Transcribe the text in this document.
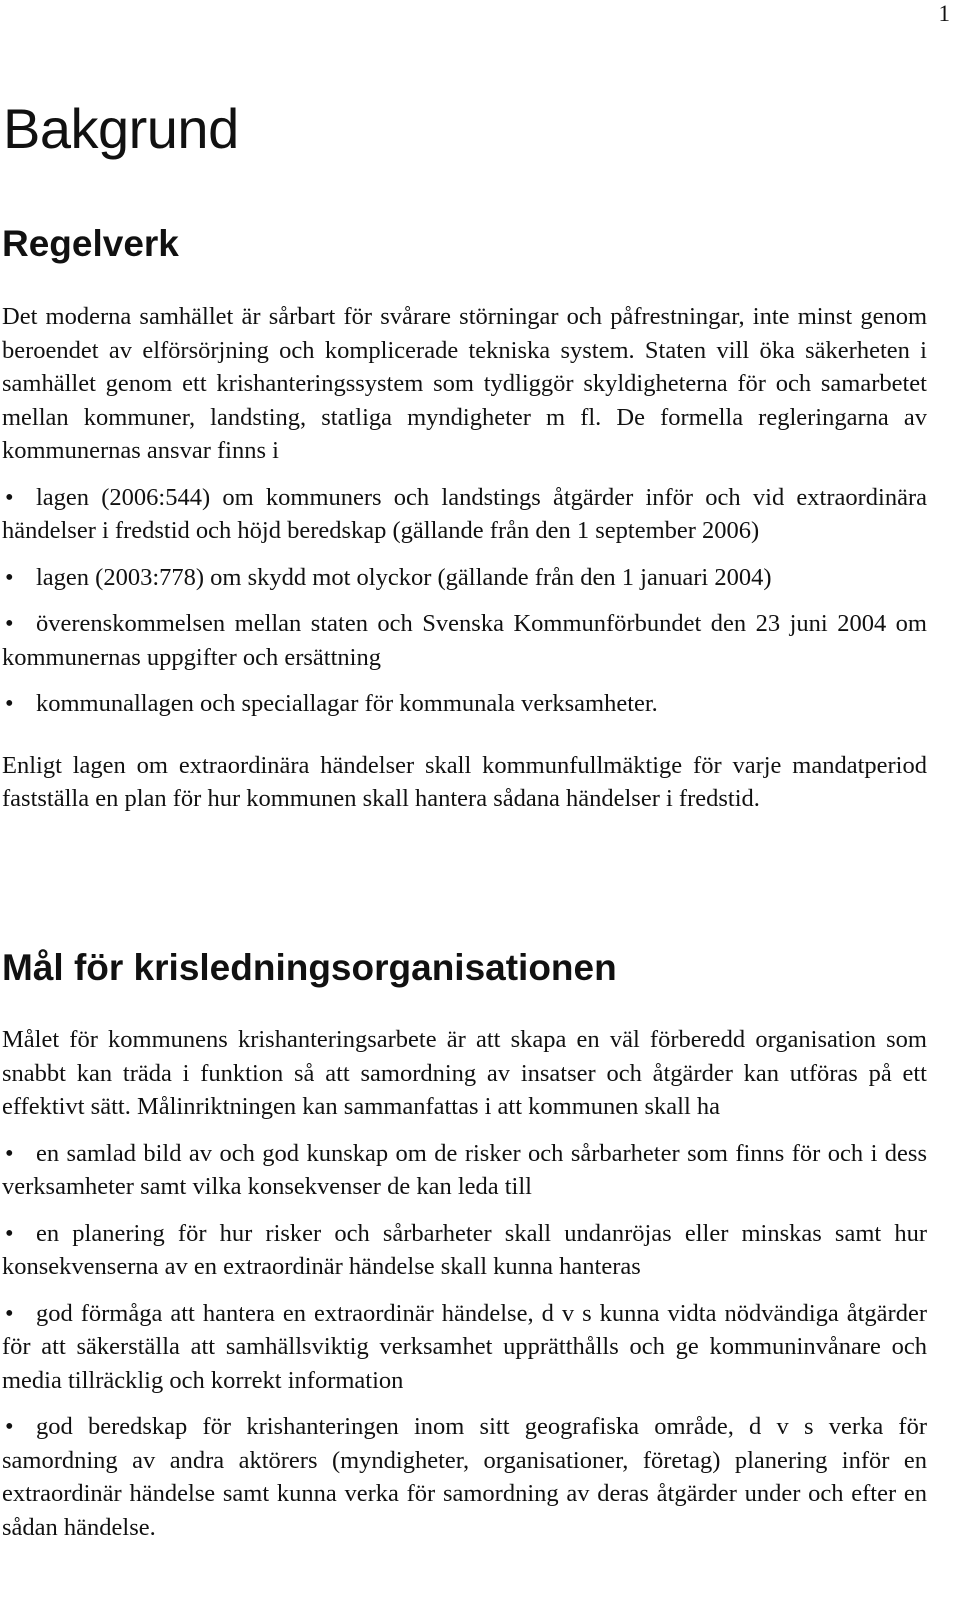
1
Bakgrund
Regelverk

Det moderna samhället är sårbart för svårare störningar och påfrestningar, inte minst genom beroendet av elförsörjning och komplicerade tekniska system. Staten vill öka säkerheten i samhället genom ett krishanteringssystem som tydliggör skyldigheterna för och samarbetet mellan kommuner, landsting, statliga myndigheter m fl. De formella regleringarna av kommunernas ansvar finns i

• lagen (2006:544) om kommuners och landstings åtgärder inför och vid extraordinära händelser i fredstid och höjd beredskap (gällande från den 1 september 2006)
• lagen (2003:778) om skydd mot olyckor (gällande från den 1 januari 2004)
• överenskommelsen mellan staten och Svenska Kommunförbundet den 23 juni 2004 om kommunernas uppgifter och ersättning
• kommunallagen och speciallagar för kommunala verksamheter.

Enligt lagen om extraordinära händelser skall kommunfullmäktige för varje mandatperiod fastställa en plan för hur kommunen skall hantera sådana händelser i fredstid.

Mål för krisledningsorganisationen

Målet för kommunens krishanteringsarbete är att skapa en väl förberedd organisation som snabbt kan träda i funktion så att samordning av insatser och åtgärder kan utföras på ett effektivt sätt. Målinriktningen kan sammanfattas i att kommunen skall ha

• en samlad bild av och god kunskap om de risker och sårbarheter som finns för och i dess verksamheter samt vilka konsekvenser de kan leda till
• en planering för hur risker och sårbarheter skall undanröjas eller minskas samt hur konsekvenserna av en extraordinär händelse skall kunna hanteras
• god förmåga att hantera en extraordinär händelse, d v s kunna vidta nödvändiga åtgärder för att säkerställa att samhällsviktig verksamhet upprätthålls och ge kommuninvånare och media tillräcklig och korrekt information
• god beredskap för krishanteringen inom sitt geografiska område, d v s verka för samordning av andra aktörers (myndigheter, organisationer, företag) planering inför en extraordinär händelse samt kunna verka för samordning av deras åtgärder under och efter en sådan händelse.
